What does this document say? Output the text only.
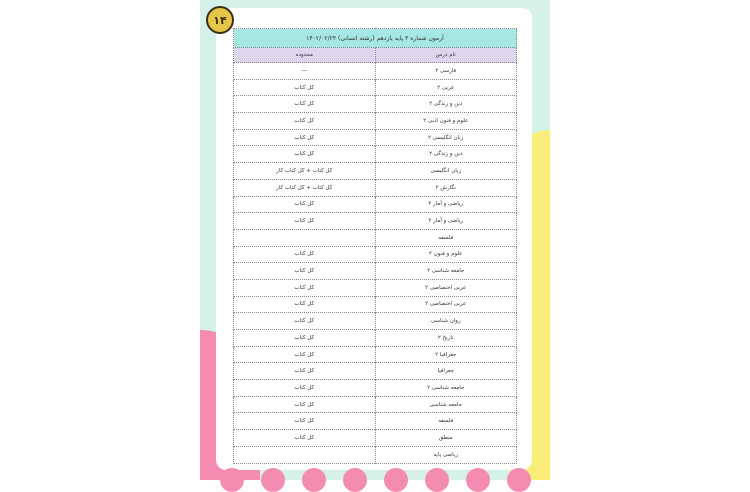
۱۴
آزمون شماره ۳ پایه یازدهم (رشته انسانی) ۱۴۰۲/۰۲/۲۴	
نام درس	محدوده
فارسی ۲	—
عربی ۲	کل کتاب
دین و زندگی ۲	کل کتاب
علوم و فنون ادبی ۲	کل کتاب
زبان انگلیسی ۲	کل کتاب
دین و زندگی ۲	کل کتاب
زبان انگلیسی	کل کتاب + کل کتاب کار
نگارش ۲	کل کتاب + کل کتاب کار
ریاضی و آمار ۲	کل کتاب
ریاضی و آمار ۲	کل کتاب
فلسفه	
علوم و فنون ۲	کل کتاب
جامعه شناسی ۲	کل کتاب
عربی اختصاصی ۲	کل کتاب
عربی اختصاصی ۲	کل کتاب
روان شناسی	کل کتاب
تاریخ ۲	کل کتاب
جغرافیا ۲	کل کتاب
جغرافیا	کل کتاب
جامعه شناسی ۲	کل کتاب
جامعه شناسی	کل کتاب
فلسفه	کل کتاب
منطق	کل کتاب
ریاضی پایه	
